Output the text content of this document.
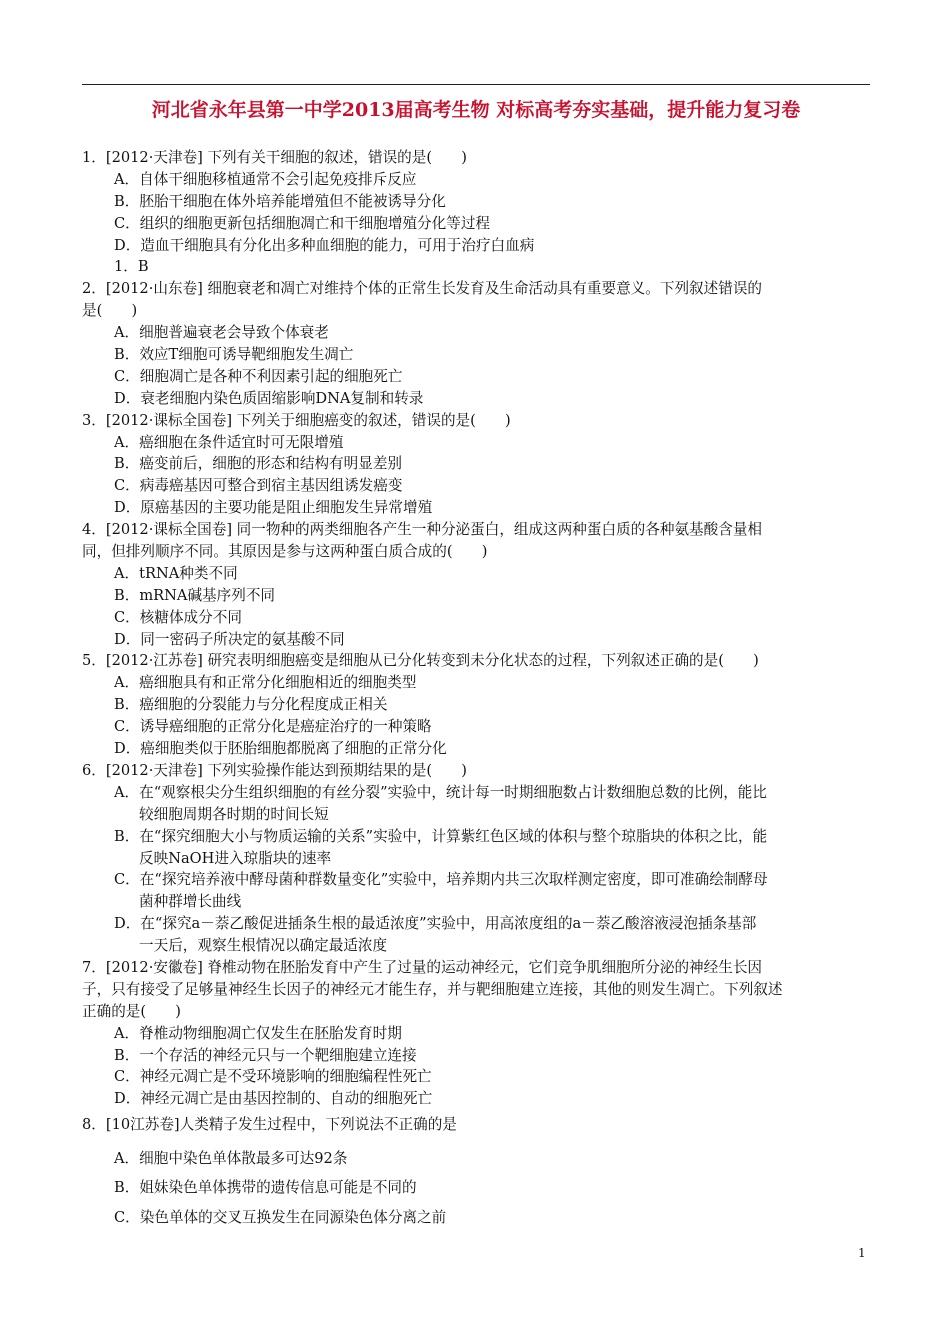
河北省永年县第一中学2013届高考生物 对标高考夯实基础，提升能力复习卷
1．[2012·天津卷] 下列有关干细胞的叙述，错误的是(　　)
A．自体干细胞移植通常不会引起免疫排斥反应
B．胚胎干细胞在体外培养能增殖但不能被诱导分化
C．组织的细胞更新包括细胞凋亡和干细胞增殖分化等过程
D．造血干细胞具有分化出多种血细胞的能力，可用于治疗白血病
1．B
2．[2012·山东卷] 细胞衰老和凋亡对维持个体的正常生长发育及生命活动具有重要意义。下列叙述错误的
是(　　)
A．细胞普遍衰老会导致个体衰老
B．效应T细胞可诱导靶细胞发生凋亡
C．细胞凋亡是各种不利因素引起的细胞死亡
D．衰老细胞内染色质固缩影响DNA复制和转录
3．[2012·课标全国卷] 下列关于细胞癌变的叙述，错误的是(　　)
A．癌细胞在条件适宜时可无限增殖
B．癌变前后，细胞的形态和结构有明显差别
C．病毒癌基因可整合到宿主基因组诱发癌变
D．原癌基因的主要功能是阻止细胞发生异常增殖
4．[2012·课标全国卷] 同一物种的两类细胞各产生一种分泌蛋白，组成这两种蛋白质的各种氨基酸含量相
同，但排列顺序不同。其原因是参与这两种蛋白质合成的(　　)
A．tRNA种类不同
B．mRNA碱基序列不同
C．核糖体成分不同
D．同一密码子所决定的氨基酸不同
5．[2012·江苏卷] 研究表明细胞癌变是细胞从已分化转变到未分化状态的过程，下列叙述正确的是(　　)
A．癌细胞具有和正常分化细胞相近的细胞类型
B．癌细胞的分裂能力与分化程度成正相关
C．诱导癌细胞的正常分化是癌症治疗的一种策略
D．癌细胞类似于胚胎细胞都脱离了细胞的正常分化
6．[2012·天津卷] 下列实验操作能达到预期结果的是(　　)
A．在“观察根尖分生组织细胞的有丝分裂”实验中，统计每一时期细胞数占计数细胞总数的比例，能比
较细胞周期各时期的时间长短
B．在“探究细胞大小与物质运输的关系”实验中，计算紫红色区域的体积与整个琼脂块的体积之比，能
反映NaOH进入琼脂块的速率
C．在“探究培养液中酵母菌种群数量变化”实验中，培养期内共三次取样测定密度，即可准确绘制酵母
菌种群增长曲线
D．在“探究a－萘乙酸促进插条生根的最适浓度”实验中，用高浓度组的a－萘乙酸溶液浸泡插条基部
一天后，观察生根情况以确定最适浓度
7．[2012·安徽卷] 脊椎动物在胚胎发育中产生了过量的运动神经元，它们竞争肌细胞所分泌的神经生长因
子，只有接受了足够量神经生长因子的神经元才能生存，并与靶细胞建立连接，其他的则发生凋亡。下列叙述
正确的是(　　)
A．脊椎动物细胞凋亡仅发生在胚胎发育时期
B．一个存活的神经元只与一个靶细胞建立连接
C．神经元凋亡是不受环境影响的细胞编程性死亡
D．神经元凋亡是由基因控制的、自动的细胞死亡
8．[10江苏卷]人类精子发生过程中，下列说法不正确的是
A．细胞中染色单体散最多可达92条
B．姐妹染色单体携带的遗传信息可能是不同的
C．染色单体的交叉互换发生在同源染色体分离之前
1
